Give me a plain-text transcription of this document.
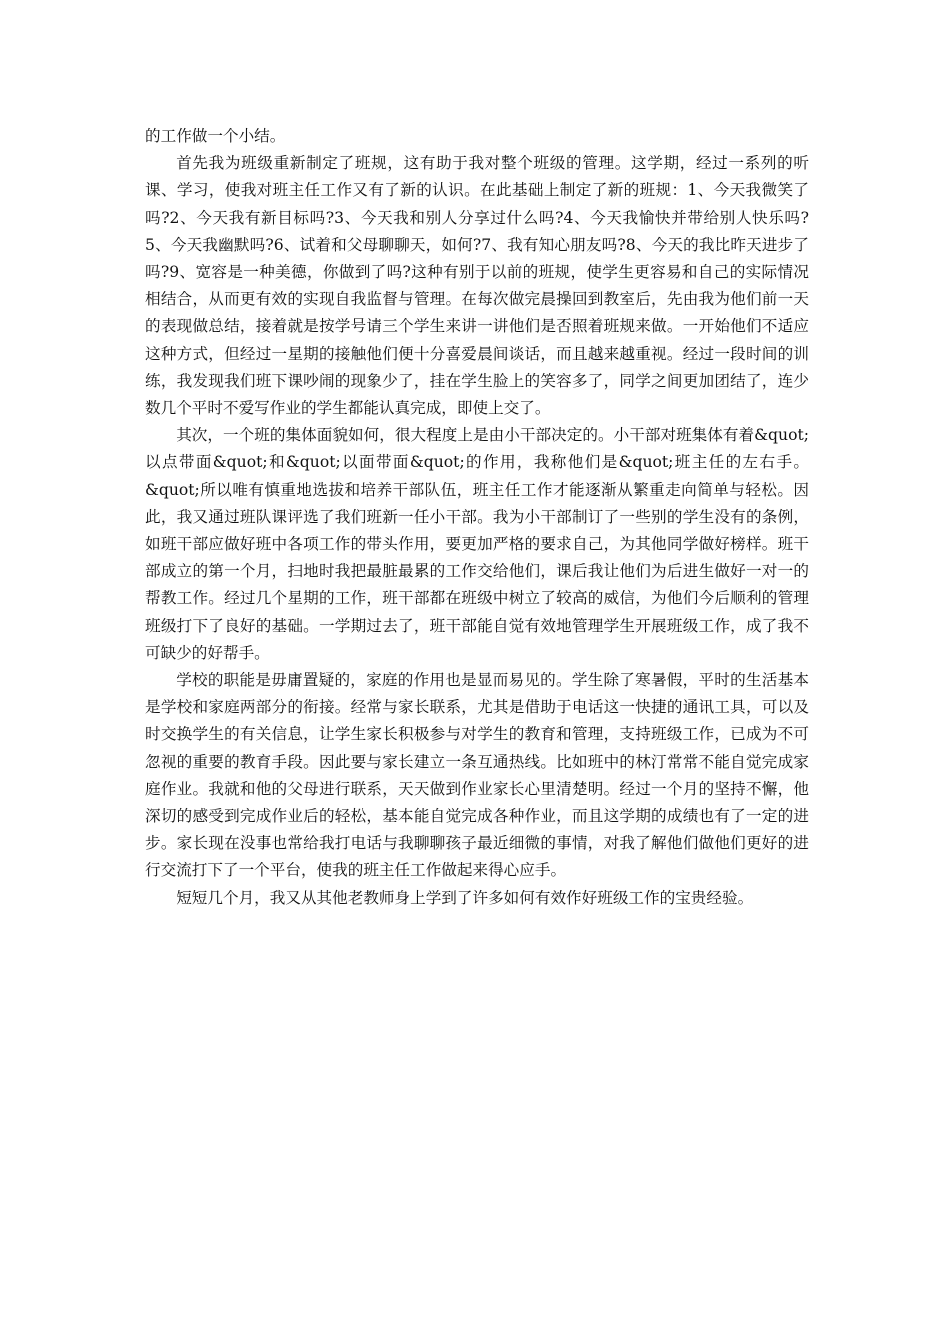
的工作做一个小结。

首先我为班级重新制定了班规，这有助于我对整个班级的管理。这学期，经过一系列的听课、学习，使我对班主任工作又有了新的认识。在此基础上制定了新的班规：1、今天我微笑了吗?2、今天我有新目标吗?3、今天我和别人分享过什么吗?4、今天我愉快并带给别人快乐吗?5、今天我幽默吗?6、试着和父母聊聊天，如何?7、我有知心朋友吗?8、今天的我比昨天进步了吗?9、宽容是一种美德，你做到了吗?这种有别于以前的班规，使学生更容易和自己的实际情况相结合，从而更有效的实现自我监督与管理。在每次做完晨操回到教室后，先由我为他们前一天的表现做总结，接着就是按学号请三个学生来讲一讲他们是否照着班规来做。一开始他们不适应这种方式，但经过一星期的接触他们便十分喜爱晨间谈话，而且越来越重视。经过一段时间的训练，我发现我们班下课吵闹的现象少了，挂在学生脸上的笑容多了，同学之间更加团结了，连少数几个平时不爱写作业的学生都能认真完成，即使上交了。

其次，一个班的集体面貌如何，很大程度上是由小干部决定的。小干部对班集体有着&quot;以点带面&quot;和&quot;以面带面&quot;的作用，我称他们是&quot;班主任的左右手。&quot;所以唯有慎重地选拔和培养干部队伍，班主任工作才能逐渐从繁重走向简单与轻松。因此，我又通过班队课评选了我们班新一任小干部。我为小干部制订了一些别的学生没有的条例，如班干部应做好班中各项工作的带头作用，要更加严格的要求自己，为其他同学做好榜样。班干部成立的第一个月，扫地时我把最脏最累的工作交给他们，课后我让他们为后进生做好一对一的帮教工作。经过几个星期的工作，班干部都在班级中树立了较高的威信，为他们今后顺利的管理班级打下了良好的基础。一学期过去了，班干部能自觉有效地管理学生开展班级工作，成了我不可缺少的好帮手。

学校的职能是毋庸置疑的，家庭的作用也是显而易见的。学生除了寒暑假，平时的生活基本是学校和家庭两部分的衔接。经常与家长联系，尤其是借助于电话这一快捷的通讯工具，可以及时交换学生的有关信息，让学生家长积极参与对学生的教育和管理，支持班级工作，已成为不可忽视的重要的教育手段。因此要与家长建立一条互通热线。比如班中的林汀常常不能自觉完成家庭作业。我就和他的父母进行联系，天天做到作业家长心里清楚明。经过一个月的坚持不懈，他深切的感受到完成作业后的轻松，基本能自觉完成各种作业，而且这学期的成绩也有了一定的进步。家长现在没事也常给我打电话与我聊聊孩子最近细微的事情，对我了解他们做他们更好的进行交流打下了一个平台，使我的班主任工作做起来得心应手。

短短几个月，我又从其他老教师身上学到了许多如何有效作好班级工作的宝贵经验。
